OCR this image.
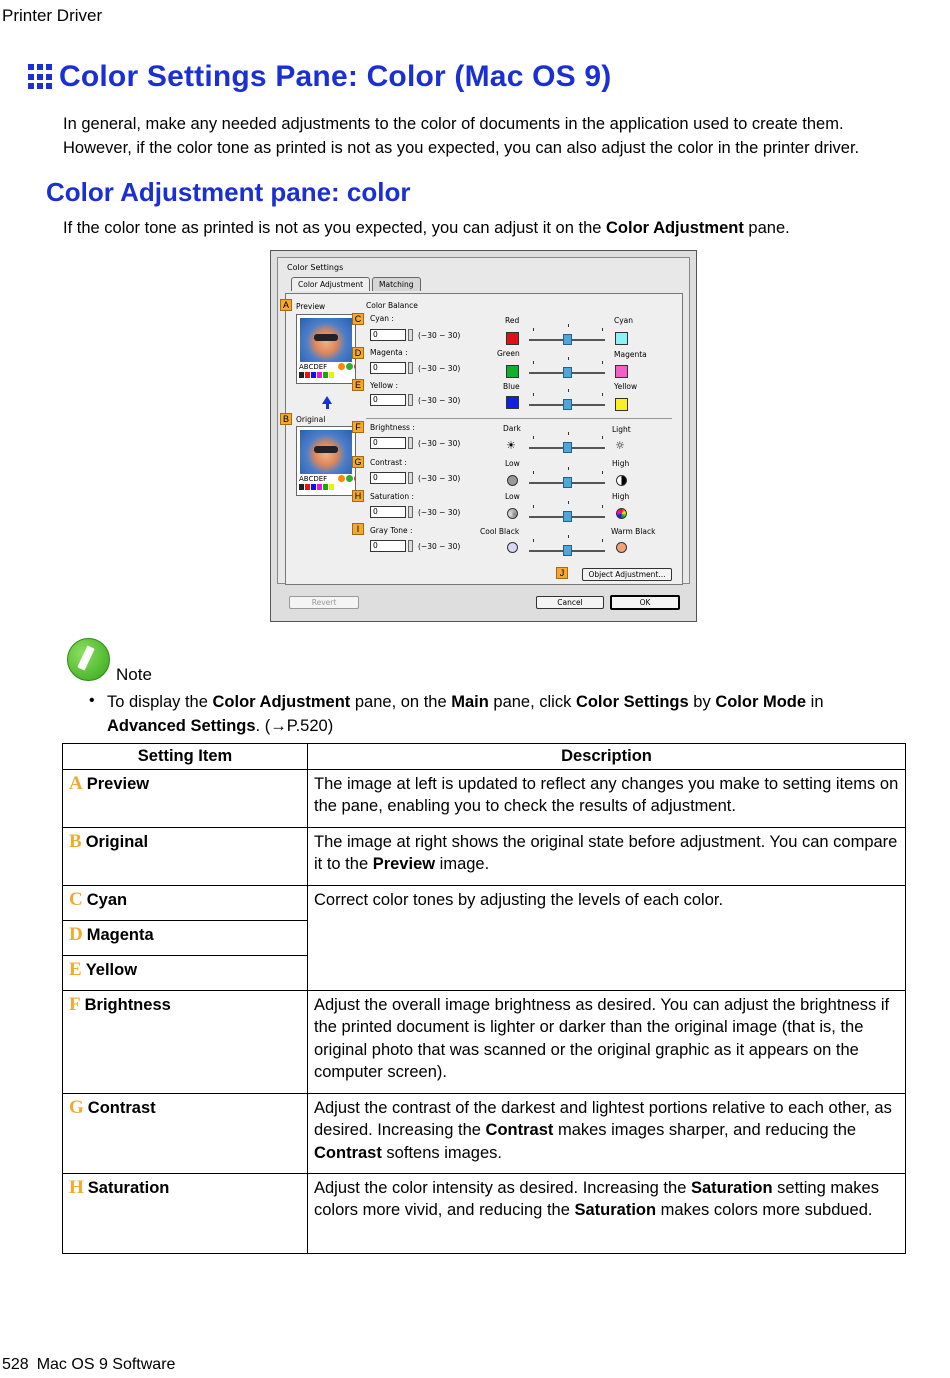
Printer Driver
Color Settings Pane: Color (Mac OS 9)
In general, make any needed adjustments to the color of documents in the application used to create them.
However, if the color tone as printed is not as you expected, you can also adjust the color in the printer driver.
Color Adjustment pane: color
If the color tone as printed is not as you expected, you can adjust it on the Color Adjustment pane.
Color Settings
Color Adjustment	Matching
Preview
ABCDEF
Original
ABCDEF
Color Balance
Cyan :
0	(−30 − 30)
Red	Cyan
Magenta :
0	(−30 − 30)
Green	Magenta
Yellow :
0	(−30 − 30)
Blue	Yellow
Brightness :
0	(−30 − 30)
Dark
☀
Light
☼
Contrast :
0	(−30 − 30)
Low	High
Saturation :
0	(−30 − 30)
Low	High
Gray Tone :
0	(−30 − 30)
Cool Black	Warm Black
Object Adjustment...
A
B
C
D
E
F
G
H
I
J
Revert	Cancel	OK
Note
• To display the Color Adjustment pane, on the Main pane, click Color Settings by Color Mode in Advanced Settings. (→P.520)
Setting Item	Description
A Preview	The image at left is updated to reflect any changes you make to setting items on the pane, enabling you to check the results of adjustment.
B Original	The image at right shows the original state before adjustment. You can compare it to the Preview image.
C Cyan	Correct color tones by adjusting the levels of each color.
D Magenta	
E Yellow	
F Brightness	Adjust the overall image brightness as desired. You can adjust the brightness if the printed document is lighter or darker than the original image (that is, the original photo that was scanned or the original graphic as it appears on the computer screen).
G Contrast	Adjust the contrast of the darkest and lightest portions relative to each other, as desired. Increasing the Contrast makes images sharper, and reducing the Contrast softens images.
H Saturation	Adjust the color intensity as desired. Increasing the Saturation setting makes colors more vivid, and reducing the Saturation makes colors more subdued.
528 Mac OS 9 Software
